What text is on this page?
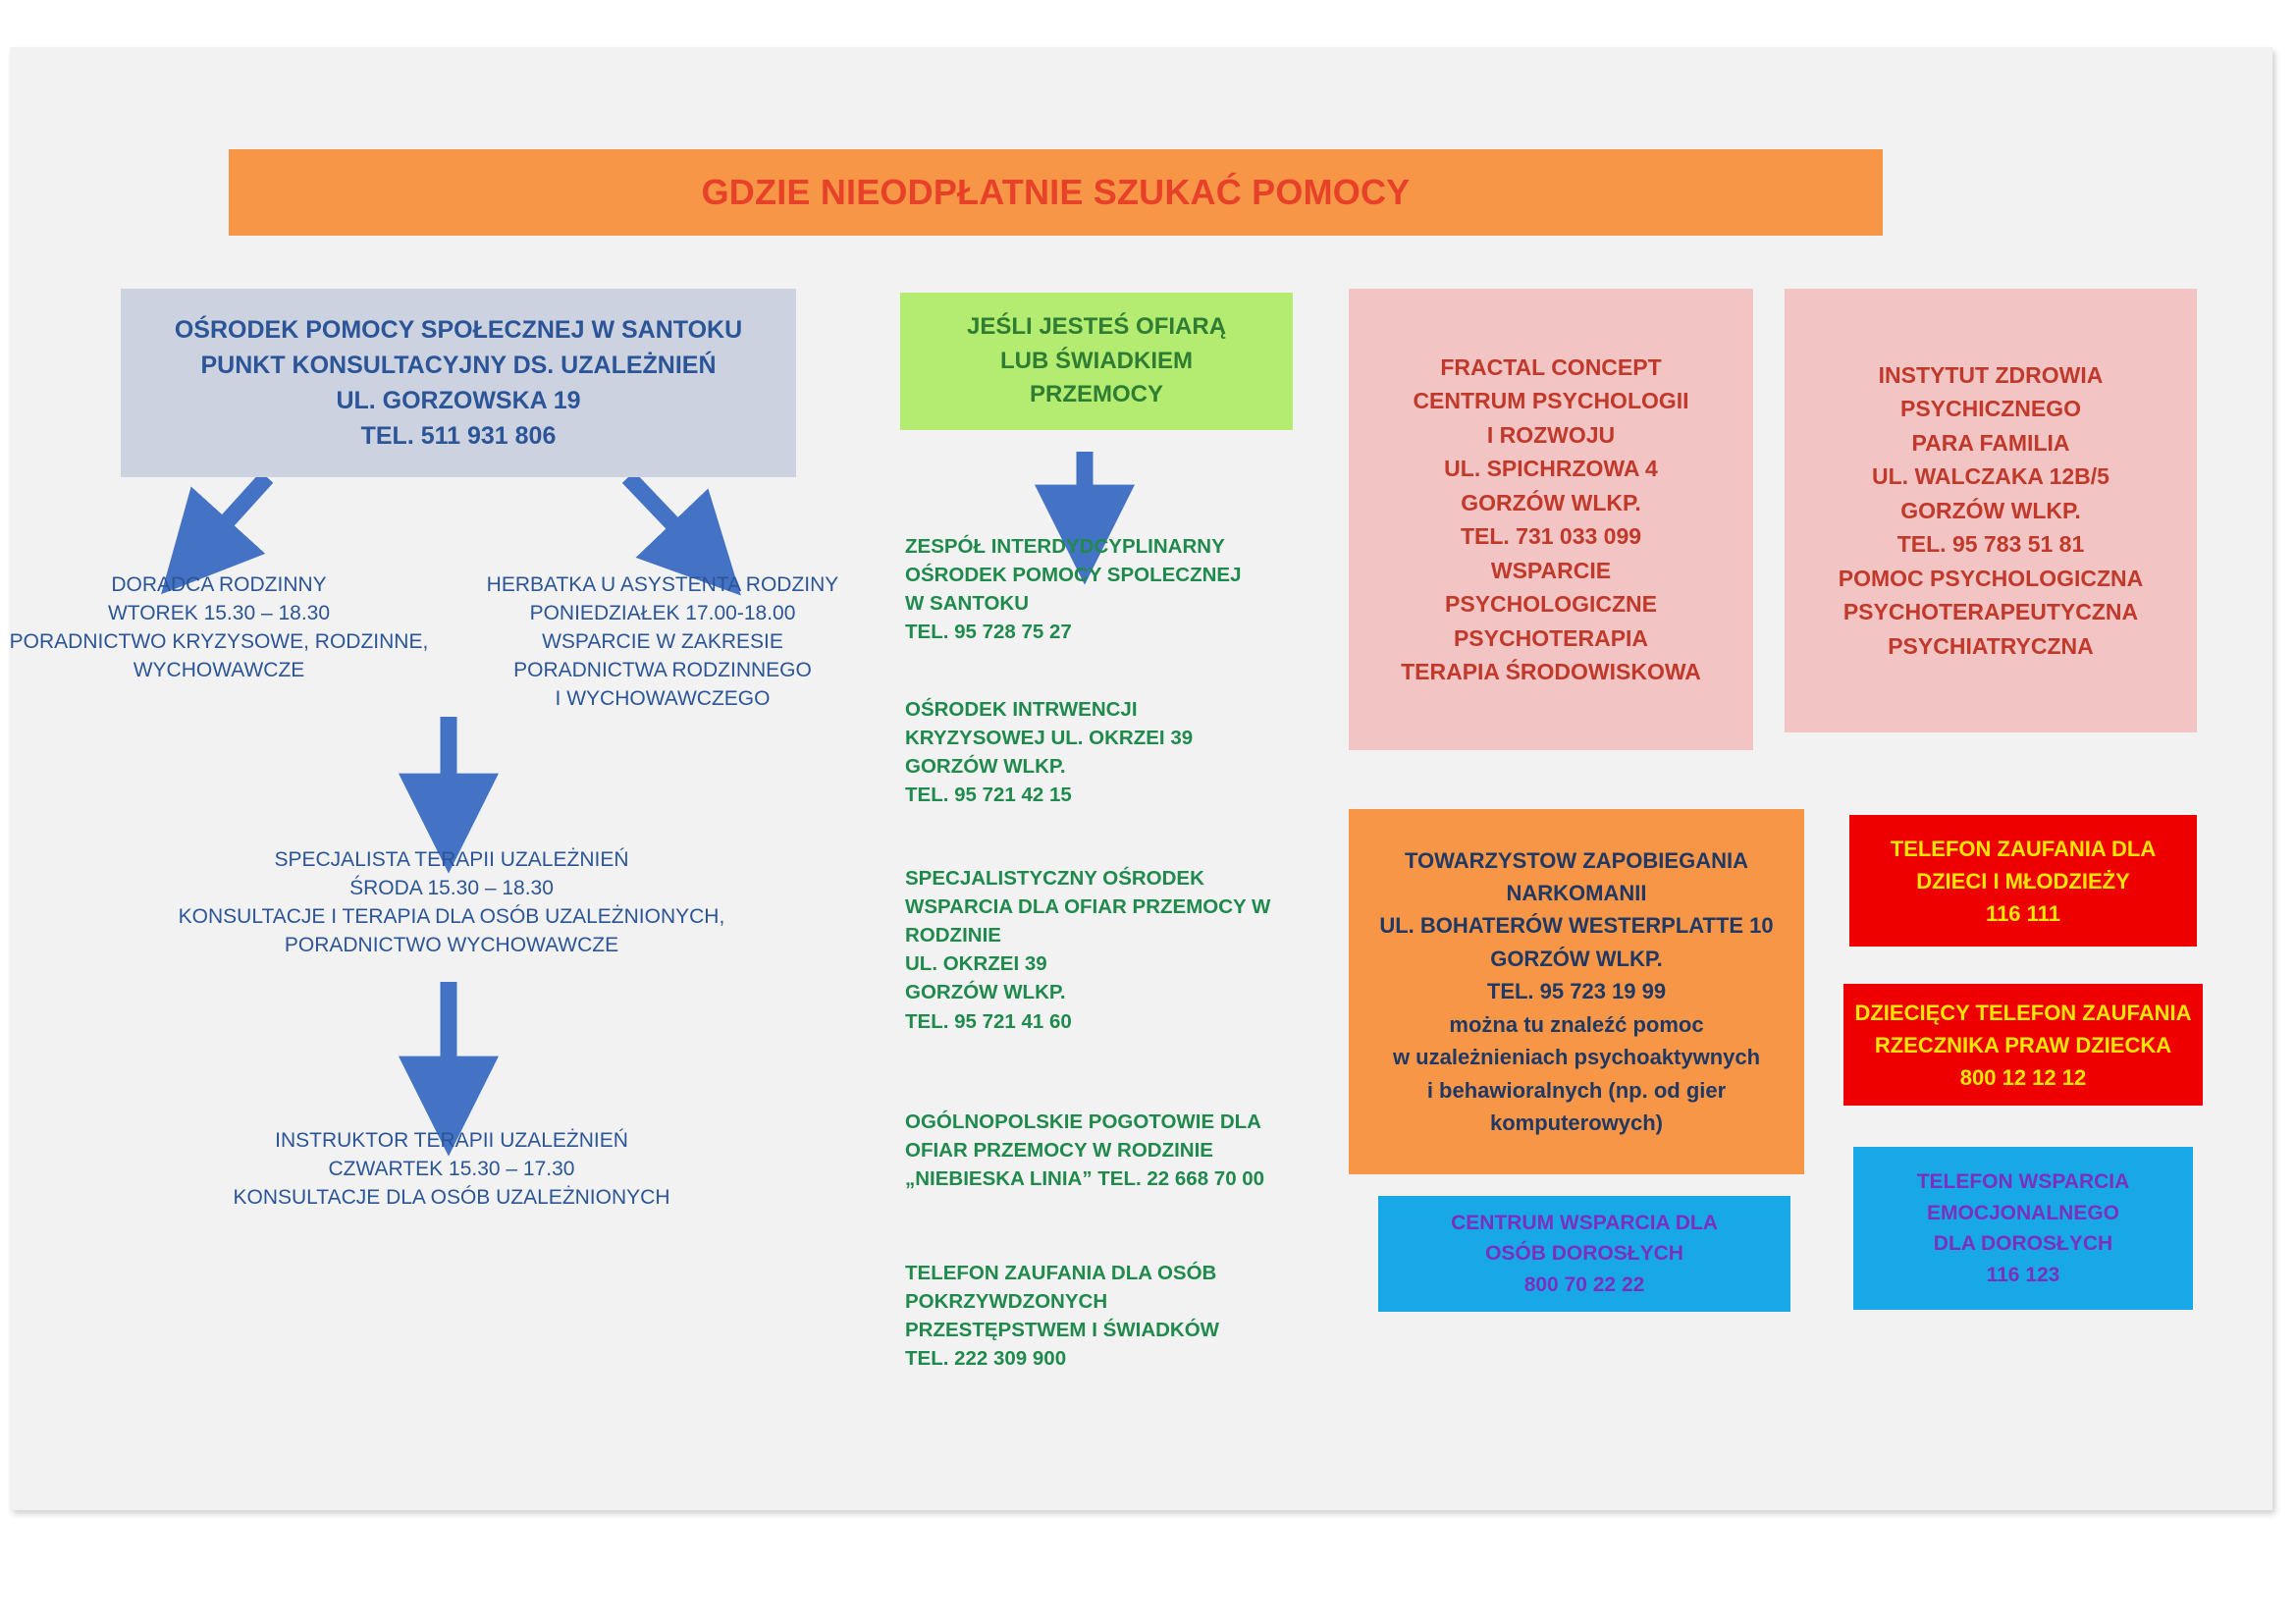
GDZIE NIEODPŁATNIE SZUKAĆ POMOCY
OŚRODEK POMOCY SPOŁECZNEJ W SANTOKU
PUNKT KONSULTACYJNY DS. UZALEŻNIEŃ
UL. GORZOWSKA 19
TEL. 511 931 806
DORADCA RODZINNY
WTOREK 15.30 – 18.30
PORADNICTWO KRYZYSOWE, RODZINNE,
WYCHOWAWCZE
HERBATKA U ASYSTENTA RODZINY
PONIEDZIAŁEK 17.00-18.00
WSPARCIE W ZAKRESIE
PORADNICTWA RODZINNEGO
I WYCHOWAWCZEGO
SPECJALISTA TERAPII UZALEŻNIEŃ
ŚRODA 15.30 – 18.30
KONSULTACJE I TERAPIA DLA OSÓB UZALEŻNIONYCH,
PORADNICTWO WYCHOWAWCZE
INSTRUKTOR TERAPII UZALEŻNIEŃ
CZWARTEK 15.30 – 17.30
KONSULTACJE DLA OSÓB UZALEŻNIONYCH
JEŚLI JESTEŚ OFIARĄ
LUB ŚWIADKIEM
PRZEMOCY
ZESPÓŁ INTERDYDCYPLINARNY
OŚRODEK POMOCY SPOLECZNEJ
W SANTOKU
TEL. 95 728 75 27
OŚRODEK INTRWENCJI
KRYZYSOWEJ UL. OKRZEI 39
GORZÓW WLKP.
TEL. 95 721 42 15
SPECJALISTYCZNY OŚRODEK
WSPARCIA DLA OFIAR PRZEMOCY W
RODZINIE
UL. OKRZEI 39
GORZÓW WLKP.
TEL. 95 721 41 60
OGÓLNOPOLSKIE POGOTOWIE DLA
OFIAR PRZEMOCY W RODZINIE
„NIEBIESKA LINIA” TEL. 22 668 70 00
TELEFON ZAUFANIA DLA OSÓB
POKRZYWDZONYCH
PRZESTĘPSTWEM I ŚWIADKÓW
TEL. 222 309 900
FRACTAL CONCEPT
CENTRUM PSYCHOLOGII
I ROZWOJU
UL. SPICHRZOWA 4
GORZÓW WLKP.
TEL. 731 033 099
WSPARCIE
PSYCHOLOGICZNE
PSYCHOTERAPIA
TERAPIA ŚRODOWISKOWA
INSTYTUT ZDROWIA
PSYCHICZNEGO
PARA FAMILIA
UL. WALCZAKA 12B/5
GORZÓW WLKP.
TEL. 95 783 51 81
POMOC PSYCHOLOGICZNA
PSYCHOTERAPEUTYCZNA
PSYCHIATRYCZNA
TOWARZYSTOW ZAPOBIEGANIA
NARKOMANII
UL. BOHATERÓW WESTERPLATTE 10
GORZÓW WLKP.
TEL. 95 723 19 99
można tu znaleźć pomoc
w uzależnieniach psychoaktywnych
i behawioralnych (np. od gier
komputerowych)
TELEFON ZAUFANIA DLA
DZIECI I MŁODZIEŻY
116 111
DZIECIĘCY TELEFON ZAUFANIA
RZECZNIKA PRAW DZIECKA
800 12 12 12
CENTRUM WSPARCIA DLA
OSÓB DOROSŁYCH
800 70 22 22
TELEFON WSPARCIA
EMOCJONALNEGO
DLA DOROSŁYCH
116 123
